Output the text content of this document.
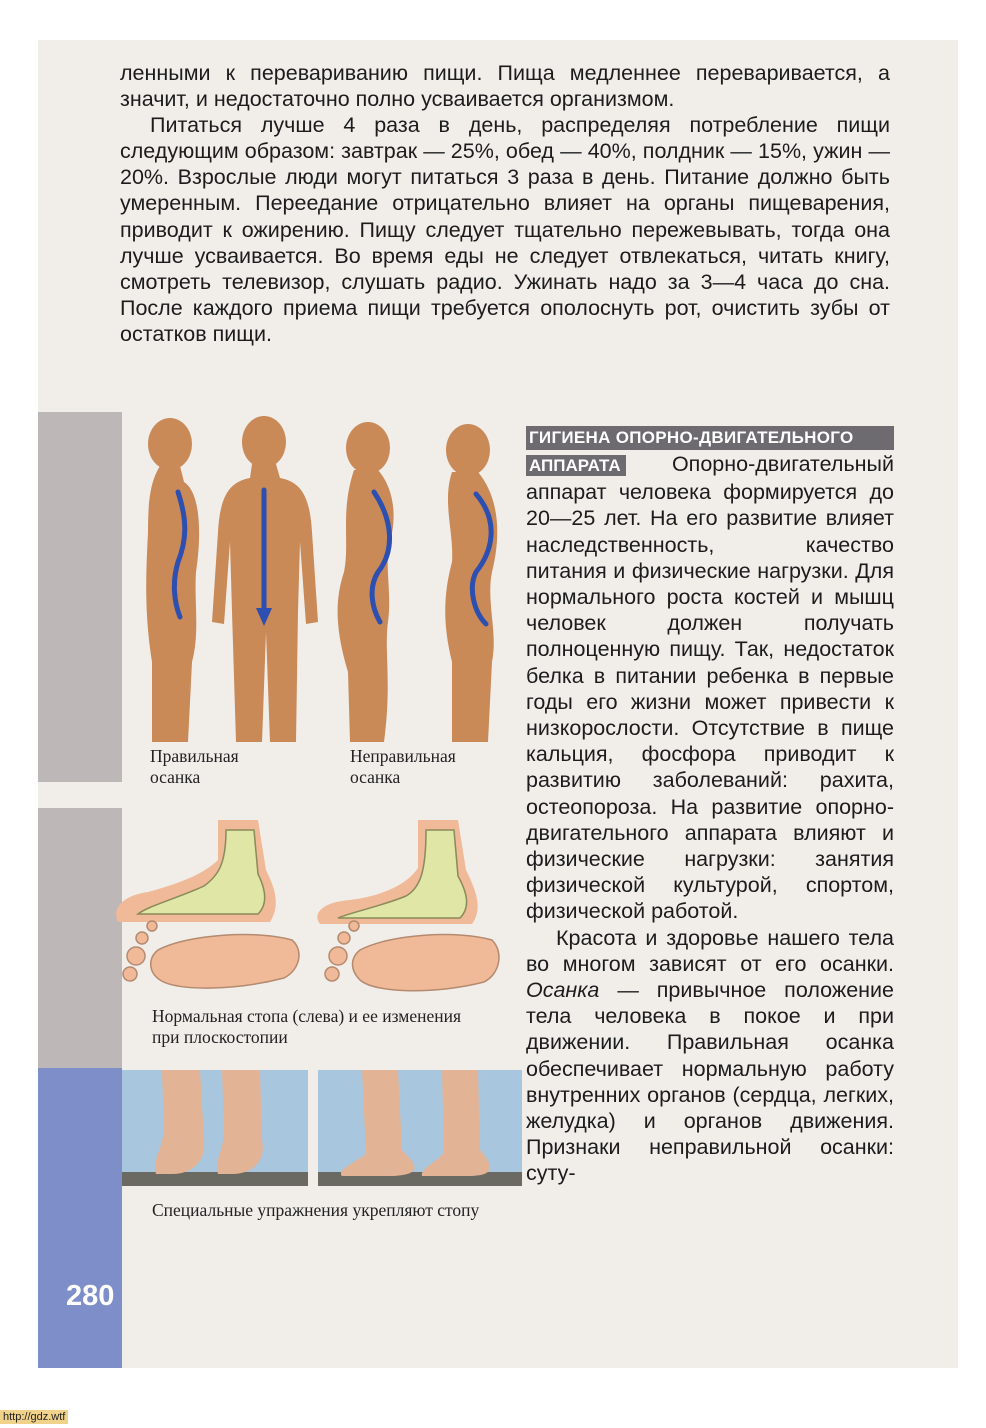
280

ленными к перевариванию пищи. Пища медленнее переваривается, а значит, и недостаточно полно усваивается организмом.

Питаться лучше 4 раза в день, распределяя потребление пищи следующим образом: завтрак — 25%, обед — 40%, полдник — 15%, ужин — 20%. Взрослые люди могут питаться 3 раза в день. Питание должно быть умеренным. Переедание отрицательно влияет на органы пищеварения, приводит к ожирению. Пищу следует тщательно пережевывать, тогда она лучше усваивается. Во время еды не следует отвлекаться, читать книгу, смотреть телевизор, слушать радио. Ужинать надо за 3—4 часа до сна. После каждого приема пищи требуется ополоснуть рот, очистить зубы от остатков пищи.

Правильная осанка
Неправильная осанка
Нормальная стопа (слева) и ее изменения при плоскостопии
Специальные упражнения укрепляют стопу
ГИГИЕНА ОПОРНО-ДВИГАТЕЛЬНОГО

АППАРАТА Опорно-двигательный аппарат человека формируется до 20—25 лет. На его развитие влияет наследственность, качество питания и физические нагрузки. Для нормального роста костей и мышц человек должен получать полноценную пищу. Так, недостаток белка в питании ребенка в первые годы его жизни может привести к низкорослости. Отсутствие в пище кальция, фосфора приводит к развитию заболеваний: рахита, остеопороза. На развитие опорно-двигательного аппарата влияют и физические нагрузки: занятия физической культурой, спортом, физической работой.

Красота и здоровье нашего тела во многом зависят от его осанки. Осанка — привычное положение тела человека в покое и при движении. Правильная осанка обеспечивает нормальную работу внутренних органов (сердца, легких, желудка) и органов движения. Признаки неправильной осанки: суту-

http://gdz.wtf
